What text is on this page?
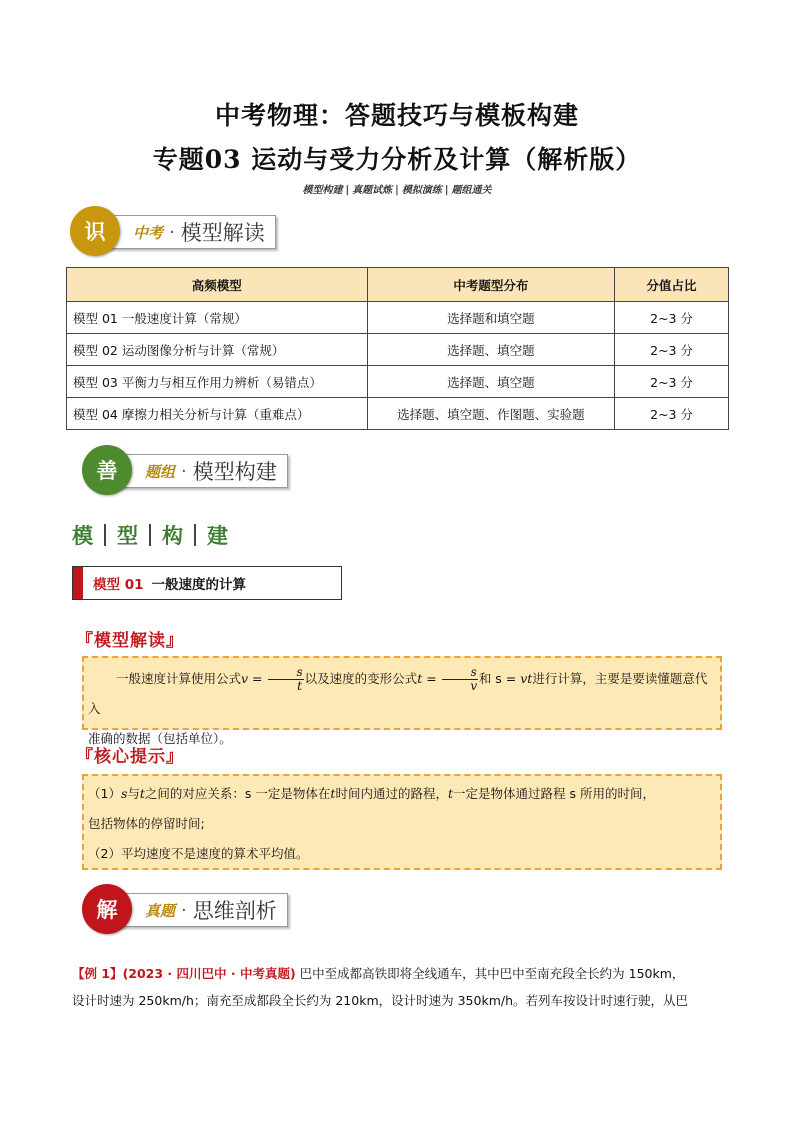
中考物理：答题技巧与模板构建
专题03 运动与受力分析及计算（解析版）
模型构建 | 真题试炼 | 模拟演练 | 题组通关
识	中考 · 模型解读
高频模型	中考题型分布	分值占比
模型 01 一般速度计算（常规）	选择题和填空题	2~3 分
模型 02 运动图像分析与计算（常规）	选择题、填空题	2~3 分
模型 03 平衡力与相互作用力辨析（易错点）	选择题、填空题	2~3 分
模型 04 摩擦力相关分析与计算（重难点）	选择题、填空题、作图题、实验题	2~3 分
善	题组 · 模型构建
模 型 构 建
模型 01 一般速度的计算
『模型解读』

一般速度计算使用公式$v = \frac{s}{t}$ 以及速度的变形公式$t = \frac{s}{v}$ 和 s = vt进行计算，主要是要读懂题意代入

准确的数据（包括单位）。

『核心提示』

（1）s与t之间的对应关系：s 一定是物体在t时间内通过的路程，t一定是物体通过路程 s 所用的时间，

包括物体的停留时间;

（2）平均速度不是速度的算术平均值。

解	真题 · 思维剖析
【例 1】(2023 · 四川巴中 · 中考真题) 巴中至成都高铁即将全线通车，其中巴中至南充段全长约为 150km，
设计时速为 250km/h；南充至成都段全长约为 210km，设计时速为 350km/h。若列车按设计时速行驶，从巴
